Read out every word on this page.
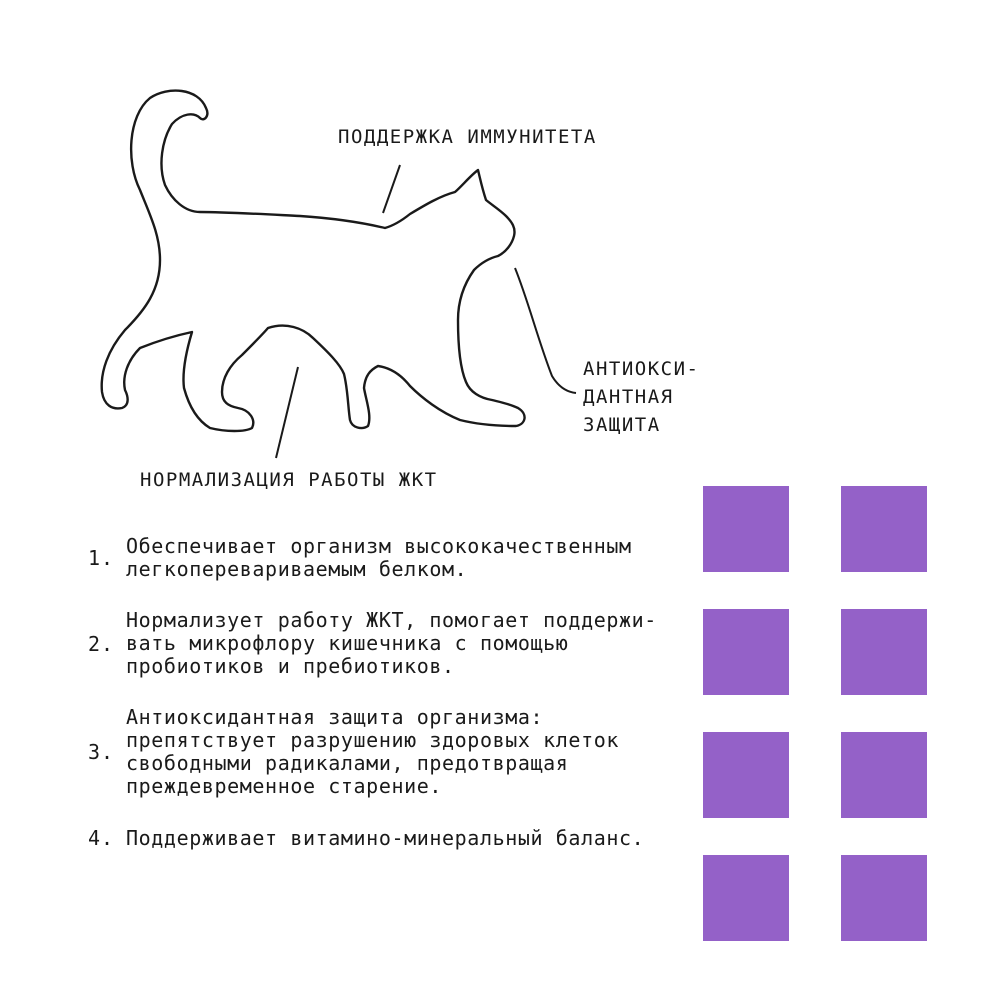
ПОДДЕРЖКА ИММУНИТЕТА

АНТИОКСИ-
ДАНТНАЯ
ЗАЩИТА

НОРМАЛИЗАЦИЯ РАБОТЫ ЖКТ

1. Обеспечивает организм высококачественным
легкоперевариваемым белком.
2.
Нормализует работу ЖКТ, помогает поддержи-
вать микрофлору кишечника с помощью
пробиотиков и пребиотиков.
3.
Антиоксидантная защита организма:
препятствует разрушению здоровых клеток
свободными радикалами, предотвращая
преждевременное старение.
4. Поддерживает витамино-минеральный баланс.
